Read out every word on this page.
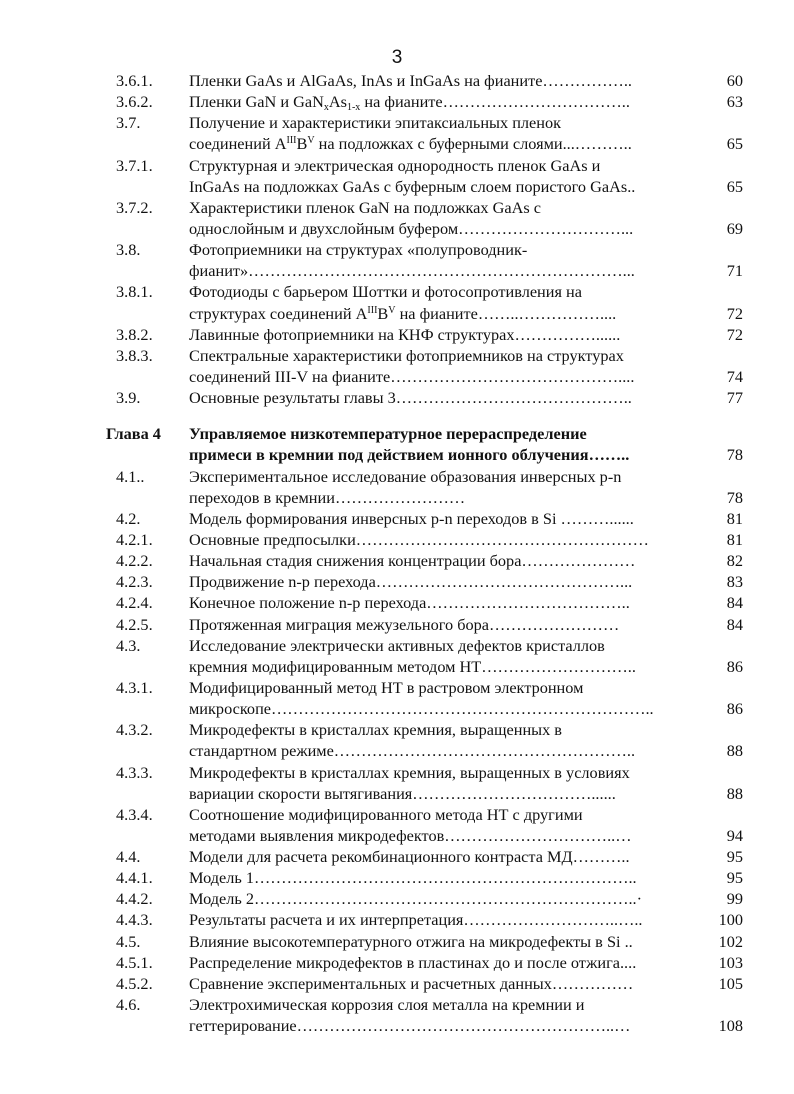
3
3.6.1. Пленки GaAs и AlGaAs, InAs и InGaAs на фианите……………..	60
3.6.2. Пленки GaN и $GaN_xAs_{1-x}$ на фианите……………………………..	63
3.7.	Получение и характеристики эпитаксиальных пленок
соединений $A^{III}B^V$ на подложках с буферными слоями...………..	65
3.7.1. Структурная и электрическая однородность пленок GaAs и
InGaAs на подложках GaAs с буферным слоем пористого GaAs..	65
3.7.2. Характеристики пленок GaN на подложках GaAs с
однослойным и двухслойным буфером…………………………...	69
3.8.	Фотоприемники на структурах «полупроводник-
фианит»……………………………………………………………...	71
3.8.1. Фотодиоды с барьером Шоттки и фотосопротивления на
структурах соединений $A^{III}B^V$ на фианите……..……………....	72
3.8.2. Лавинные фотоприемники на КНФ структурах……………......	72
3.8.3. Спектральные характеристики фотоприемников на структурах
соединений III-V на фианите……………………………………....	74
3.9.	Основные результаты главы 3……………………………………..	77
Глава 4 Управляемое низкотемпературное перераспределение
примеси в кремнии под действием ионного облучения……..	78
4.1..	Экспериментальное исследование образования инверсных p-n
переходов в кремнии……………………	78
4.2.	Модель формирования инверсных p-n переходов в Si ………......	81
4.2.1. Основные предпосылки………………………………………………	81
4.2.2. Начальная стадия снижения концентрации бора…………………	82
4.2.3. Продвижение n-p перехода………………………………………...	83
4.2.4. Конечное положение n-p перехода………………………………..	84
4.2.5. Протяженная миграция межузельного бора……………………	84
4.3.	Исследование электрически активных дефектов кристаллов
кремния модифицированным методом НТ………………………..	86
4.3.1. Модифицированный метод НТ в растровом электронном
микроскопе……………………………………………………………..	86
4.3.2. Микродефекты в кристаллах кремния, выращенных в
стандартном режиме………………………………………………..	88
4.3.3. Микродефекты в кристаллах кремния, выращенных в условиях
вариации скорости вытягивания……………………………......	88
4.3.4. Соотношение модифицированного метода НТ с другими
методами выявления микродефектов…………………………..…	94
4.4.	Модели для расчета рекомбинационного контраста МД………..	95
4.4.1. Модель 1……………………………………………………………..	95
4.4.2. Модель 2……………………………………………………………..·	99
4.4.3. Результаты расчета и их интерпретация………………………..…..	100
4.5.	Влияние высокотемпературного отжига на микродефекты в Si ..	102
4.5.1. Распределение микродефектов в пластинах до и после отжига....	103
4.5.2. Сравнение экспериментальных и расчетных данных……………	105
4.6.	Электрохимическая коррозия слоя металла на кремнии и
геттерирование…………………………………………………..…	108
